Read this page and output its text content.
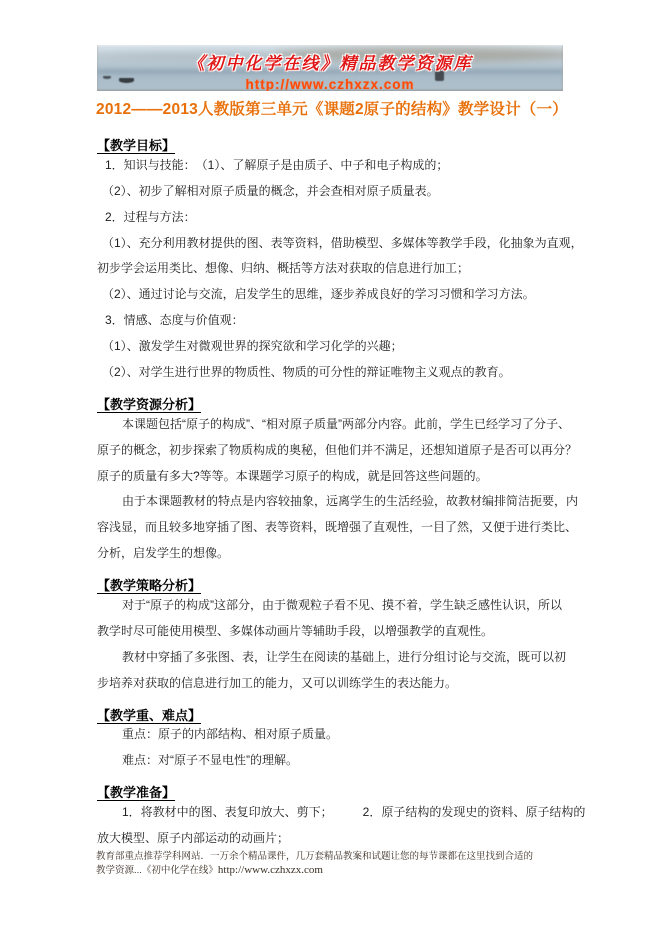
《初中化学在线》精品教学资源库
http://www.czhxzx.com
2012——2013人教版第三单元《课题2原子的结构》教学设计（一）
【教学目标】
1．知识与技能：　（1）、了解原子是由质子、中子和电子构成的；
（2）、初步了解相对原子质量的概念，并会查相对原子质量表。
2．过程与方法：
（1）、充分利用教材提供的图、表等资料，借助模型、多媒体等教学手段，化抽象为直观，
初步学会运用类比、想像、归纳、概括等方法对获取的信息进行加工；
（2）、通过讨论与交流，启发学生的思维，逐步养成良好的学习习惯和学习方法。
3．情感、态度与价值观：
（1）、激发学生对微观世界的探究欲和学习化学的兴趣；
（2）、对学生进行世界的物质性、物质的可分性的辩证唯物主义观点的教育。
【教学资源分析】
本课题包括“原子的构成”、“相对原子质量”两部分内容。此前，学生已经学习了分子、
原子的概念，初步探索了物质构成的奥秘，但他们并不满足，还想知道原子是否可以再分？
原子的质量有多大?等等。本课题学习原子的构成，就是回答这些问题的。
由于本课题教材的特点是内容较抽象，远离学生的生活经验，故教材编排简洁扼要，内
容浅显，而且较多地穿插了图、表等资料，既增强了直观性，一目了然，又便于进行类比、
分析，启发学生的想像。
【教学策略分析】
对于“原子的构成”这部分，由于微观粒子看不见、摸不着，学生缺乏感性认识，所以
教学时尽可能使用模型、多媒体动画片等辅助手段，以增强教学的直观性。
教材中穿插了多张图、表，让学生在阅读的基础上，进行分组讨论与交流，既可以初
步培养对获取的信息进行加工的能力，又可以训练学生的表达能力。
【教学重、难点】
重点：原子的内部结构、相对原子质量。
难点：对“原子不显电性”的理解。
【教学准备】
1．将教材中的图、表复印放大、剪下；　　　2．原子结构的发现史的资料、原子结构的
放大模型、原子内部运动的动画片；
教育部重点推荐学科网站．一万余个精品课件，几万套精品教案和试题让您的每节课都在这里找到合适的
教学资源...《初中化学在线》http://www.czhxzx.com
